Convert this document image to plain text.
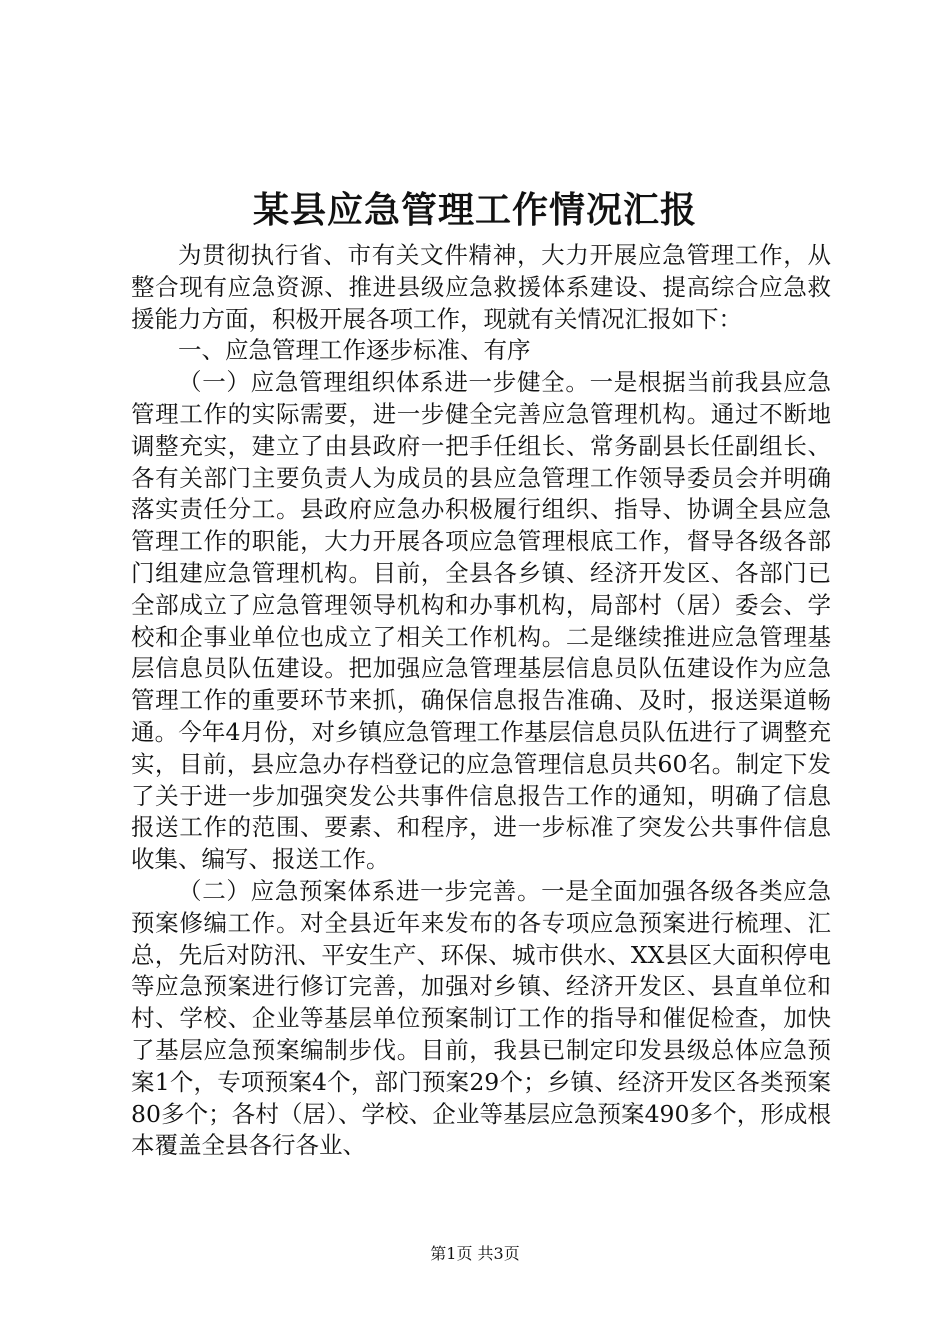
某县应急管理工作情况汇报

为贯彻执行省、市有关文件精神，大力开展应急管理工作，从整合现有应急资源、推进县级应急救援体系建设、提高综合应急救援能力方面，积极开展各项工作，现就有关情况汇报如下：

一、应急管理工作逐步标准、有序

（一）应急管理组织体系进一步健全。一是根据当前我县应急管理工作的实际需要，进一步健全完善应急管理机构。通过不断地调整充实，建立了由县政府一把手任组长、常务副县长任副组长、各有关部门主要负责人为成员的县应急管理工作领导委员会并明确落实责任分工。县政府应急办积极履行组织、指导、协调全县应急管理工作的职能，大力开展各项应急管理根底工作，督导各级各部门组建应急管理机构。目前，全县各乡镇、经济开发区、各部门已全部成立了应急管理领导机构和办事机构，局部村（居）委会、学校和企事业单位也成立了相关工作机构。二是继续推进应急管理基层信息员队伍建设。把加强应急管理基层信息员队伍建设作为应急管理工作的重要环节来抓，确保信息报告准确、及时，报送渠道畅通。今年4月份，对乡镇应急管理工作基层信息员队伍进行了调整充实，目前，县应急办存档登记的应急管理信息员共60名。制定下发了关于进一步加强突发公共事件信息报告工作的通知，明确了信息报送工作的范围、要素、和程序，进一步标准了突发公共事件信息收集、编写、报送工作。

（二）应急预案体系进一步完善。一是全面加强各级各类应急预案修编工作。对全县近年来发布的各专项应急预案进行梳理、汇总，先后对防汛、平安生产、环保、城市供水、XX县区大面积停电等应急预案进行修订完善，加强对乡镇、经济开发区、县直单位和村、学校、企业等基层单位预案制订工作的指导和催促检查，加快了基层应急预案编制步伐。目前，我县已制定印发县级总体应急预案1个，专项预案4个，部门预案29个；乡镇、经济开发区各类预案80多个；各村（居）、学校、企业等基层应急预案490多个，形成根本覆盖全县各行各业、

第1页 共3页
